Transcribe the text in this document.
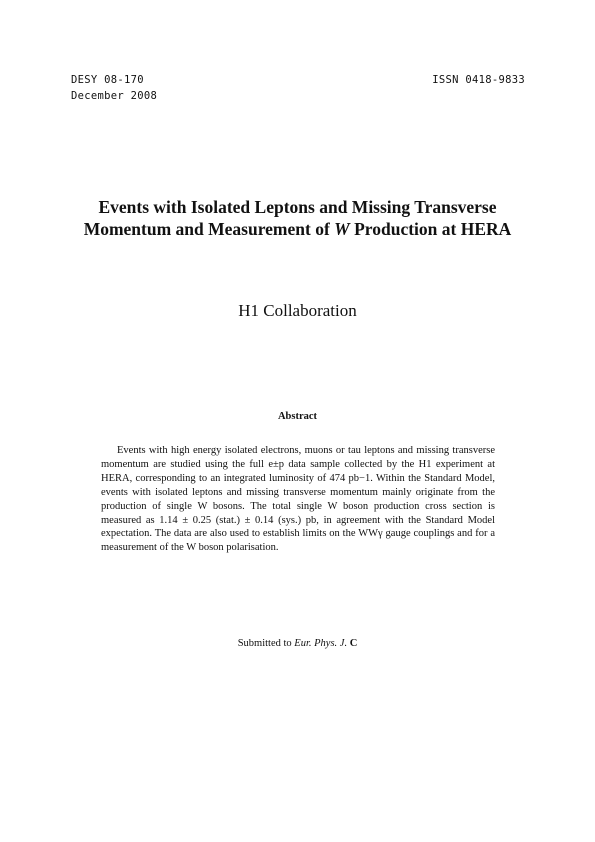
DESY 08-170
December 2008
ISSN 0418-9833
Events with Isolated Leptons and Missing Transverse
Momentum and Measurement of W Production at HERA
H1 Collaboration
Abstract
Events with high energy isolated electrons, muons or tau leptons and missing transverse momentum are studied using the full e±p data sample collected by the H1 experiment at HERA, corresponding to an integrated luminosity of 474 pb−1. Within the Standard Model, events with isolated leptons and missing transverse momentum mainly originate from the production of single W bosons. The total single W boson production cross section is measured as 1.14 ± 0.25 (stat.) ± 0.14 (sys.) pb, in agreement with the Standard Model expectation. The data are also used to establish limits on the WWγ gauge couplings and for a measurement of the W boson polarisation.
Submitted to Eur. Phys. J. C
